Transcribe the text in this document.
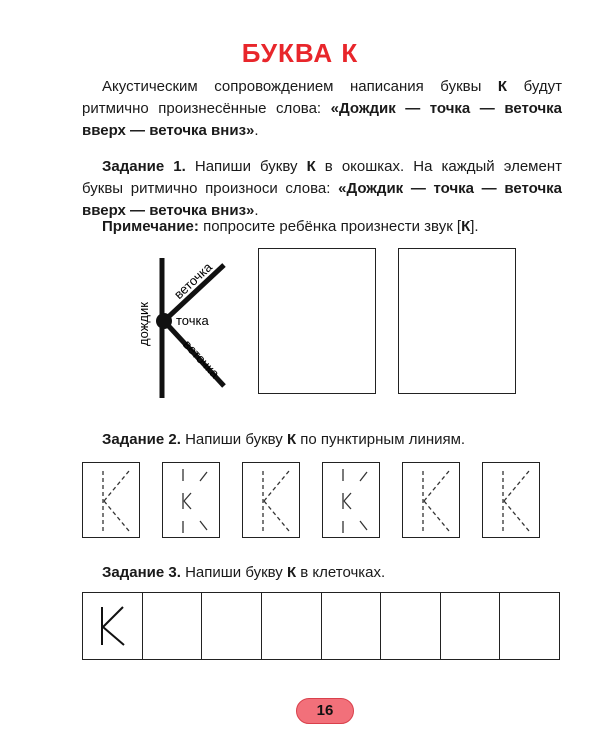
БУКВА К
Акустическим сопровождением написания буквы К будут ритмично произнесённые слова: «Дождик — точка — веточка вверх — веточка вниз».
Задание 1. Напиши букву К в окошках. На каждый элемент буквы ритмично произноси слова: «Дождик — точка — веточка вверх — веточка вниз».
Примечание: попросите ребёнка произнести звук [К].
дождик точка
веточка
веточка
Задание 2. Напиши букву К по пунктирным линиям.
Задание 3. Напиши букву К в клеточках.
16
